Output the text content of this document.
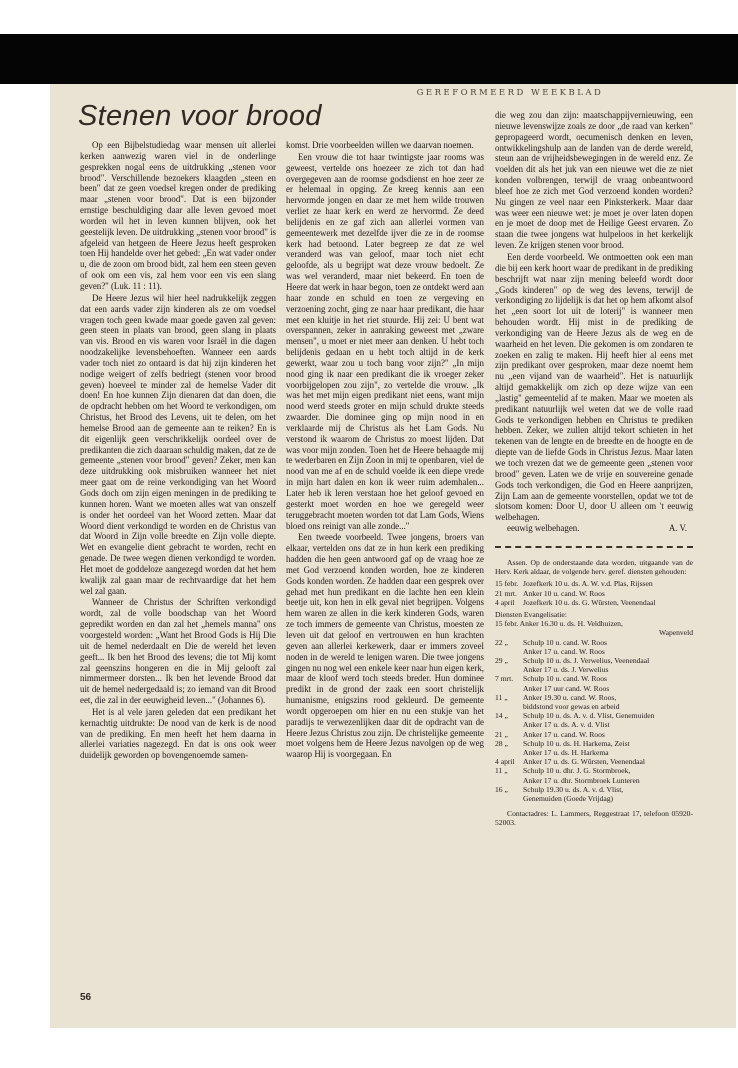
GEREFORMEERD WEEKBLAD
Stenen voor brood

Op een Bijbelstudiedag waar mensen uit allerlei kerken aanwezig waren viel in de onderlinge gesprekken nogal eens de uitdrukking „stenen voor brood". Verschillende bezoekers klaagden „steen en been" dat ze geen voedsel kregen onder de prediking maar „stenen voor brood". Dat is een bijzonder ernstige beschuldiging daar alle leven gevoed moet worden wil het in leven kunnen blijven, ook het geestelijk leven. De uitdrukking „stenen voor brood" is afgeleid van hetgeen de Heere Jezus heeft gesproken toen Hij handelde over het gebed: „En wat vader onder u, die de zoon om brood bidt, zal hem een steen geven of ook om een vis, zal hem voor een vis een slang geven?" (Luk. 11 : 11).

De Heere Jezus wil hier heel nadrukkelijk zeggen dat een aards vader zijn kinderen als ze om voedsel vragen toch geen kwade maar goede gaven zal geven: geen steen in plaats van brood, geen slang in plaats van vis. Brood en vis waren voor Israël in die dagen noodzakelijke levensbehoeften. Wanneer een aards vader toch niet zo ontaard is dat hij zijn kinderen het nodige weigert of zelfs bedriegt (stenen voor brood geven) hoeveel te minder zal de hemelse Vader dit doen! En hoe kunnen Zijn dienaren dat dan doen, die de opdracht hebben om het Woord te verkondigen, om Christus, het Brood des Levens, uit te delen, om het hemelse Brood aan de gemeente aan te reiken? En is dit eigenlijk geen verschrikkelijk oordeel over de predikanten die zich daaraan schuldig maken, dat ze de gemeente „stenen voor brood" geven? Zeker, men kan deze uitdrukking ook misbruiken wanneer het niet meer gaat om de reine verkondiging van het Woord Gods doch om zijn eigen meningen in de prediking te kunnen horen. Want we moeten alles wat van onszelf is onder het oordeel van het Woord zetten. Maar dat Woord dient verkondigd te worden en de Christus van dat Woord in Zijn volle breedte en Zijn volle diepte. Wet en evangelie dient gebracht te worden, recht en genade. De twee wegen dienen verkondigd te worden. Het moet de goddeloze aangezegd worden dat het hem kwalijk zal gaan maar de rechtvaardige dat het hem wel zal gaan.

Wanneer de Christus der Schriften verkondigd wordt, zal de volle boodschap van het Woord gepredikt worden en dan zal het „hemels manna" ons voorgesteld worden: „Want het Brood Gods is Hij Die uit de hemel nederdaalt en Die de wereld het leven geeft... Ik ben het Brood des levens; die tot Mij komt zal geenszins hongeren en die in Mij gelooft zal nimmermeer dorsten... Ik ben het levende Brood dat uit de hemel nedergedaald is; zo iemand van dit Brood eet, die zal in der eeuwigheid leven..." (Johannes 6).

Het is al vele jaren geleden dat een predikant het kernachtig uitdrukte: De nood van de kerk is de nood van de prediking. En men heeft het hem daarna in allerlei variaties nagezegd. En dat is ons ook weer duidelijk geworden op bovengenoemde samen-

komst. Drie voorbeelden willen we daarvan noemen.

Een vrouw die tot haar twintigste jaar rooms was geweest, vertelde ons hoezeer ze zich tot dan had overgegeven aan de roomse godsdienst en hoe zeer ze er helemaal in opging. Ze kreeg kennis aan een hervormde jongen en daar ze met hem wilde trouwen verliet ze haar kerk en werd ze hervormd. Ze deed belijdenis en ze gaf zich aan allerlei vormen van gemeentewerk met dezelfde ijver die ze in de roomse kerk had betoond. Later begreep ze dat ze wel veranderd was van geloof, maar toch niet echt geloofde, als u begrijpt wat deze vrouw bedoelt. Ze was wel veranderd, maar niet bekeerd. En toen de Heere dat werk in haar begon, toen ze ontdekt werd aan haar zonde en schuld en toen ze vergeving en verzoening zocht, ging ze naar haar predikant, die haar met een kluitje in het riet stuurde. Hij zei: U bent wat overspannen, zeker in aanraking geweest met „zware mensen", u moet er niet meer aan denken. U hebt toch belijdenis gedaan en u hebt toch altijd in de kerk gewerkt, waar zou u toch bang voor zijn?" „In mijn nood ging ik naar een predikant die ik vroeger zeker voorbijgelopen zou zijn", zo vertelde die vrouw. „Ik was het met mijn eigen predikant niet eens, want mijn nood werd steeds groter en mijn schuld drukte steeds zwaarder. Die dominee ging op mijn nood in en verklaarde mij de Christus als het Lam Gods. Nu verstond ik waarom de Christus zo moest lijden. Dat was voor mijn zonden. Toen het de Heere behaagde mij te wederbaren en Zijn Zoon in mij te openbaren, viel de nood van me af en de schuld voelde ik een diepe vrede in mijn hart dalen en kon ik weer ruim ademhalen... Later heb ik leren verstaan hoe het geloof gevoed en gesterkt moet worden en hoe we geregeld weer teruggebracht moeten worden tot dat Lam Gods, Wiens bloed ons reinigt van alle zonde..."

Een tweede voorbeeld. Twee jongens, broers van elkaar, vertelden ons dat ze in hun kerk een prediking hadden die hen geen antwoord gaf op de vraag hoe ze met God verzoend konden worden, hoe ze kinderen Gods konden worden. Ze hadden daar een gesprek over gehad met hun predikant en die lachte hen een klein beetje uit, kon hen in elk geval niet begrijpen. Volgens hem waren ze allen in die kerk kinderen Gods, waren ze toch immers de gemeente van Christus, moesten ze leven uit dat geloof en vertrouwen en hun krachten geven aan allerlei kerkewerk, daar er immers zoveel noden in de wereld te lenigen waren. Die twee jongens gingen nu nog wel een enkele keer naar hun eigen kerk, maar de kloof werd toch steeds breder. Hun dominee predikt in de grond der zaak een soort christelijk humanisme, enigszins rood gekleurd. De gemeente wordt opgeroepen om hier en nu een stukje van het paradijs te verwezenlijken daar dit de opdracht van de Heere Jezus Christus zou zijn. De christelijke gemeente moet volgens hem de Heere Jezus navolgen op de weg waarop Hij is voorgegaan. En

die weg zou dan zijn: maatschappijvernieuwing, een nieuwe levenswijze zoals ze door „de raad van kerken" gepropageerd wordt, oecumenisch denken en leven, ontwikkelingshulp aan de landen van de derde wereld, steun aan de vrijheidsbewegingen in de wereld enz. Ze voelden dit als het juk van een nieuwe wet die ze niet konden volbrengen, terwijl de vraag onbeantwoord bleef hoe ze zich met God verzoend konden worden? Nu gingen ze veel naar een Pinksterkerk. Maar daar was weer een nieuwe wet: je moet je over laten dopen en je moet de doop met de Heilige Geest ervaren. Zo staan die twee jongens wat hulpeloos in het kerkelijk leven. Ze krijgen stenen voor brood.

Een derde voorbeeld. We ontmoetten ook een man die bij een kerk hoort waar de predikant in de prediking beschrijft wat naar zijn mening beleefd wordt door „Gods kinderen" op de weg des levens, terwijl de verkondiging zo lijdelijk is dat het op hem afkomt alsof het „een soort lot uit de loterij" is wanneer men behouden wordt. Hij mist in de prediking de verkondiging van de Heere Jezus als de weg en de waarheid en het leven. Die gekomen is om zondaren te zoeken en zalig te maken. Hij heeft hier al eens met zijn predikant over gesproken, maar deze noemt hem nu „een vijand van de waarheid". Het is natuurlijk altijd gemakkelijk om zich op deze wijze van een „lastig" gemeentelid af te maken. Maar we moeten als predikant natuurlijk wel weten dat we de volle raad Gods te verkondigen hebben en Christus te prediken hebben. Zeker, we zullen altijd tekort schieten in het tekenen van de lengte en de breedte en de hoogte en de diepte van de liefde Gods in Christus Jezus. Maar laten we toch vrezen dat we de gemeente geen „stenen voor brood" geven. Laten we de vrije en souvereine genade Gods toch verkondigen, die God en Heere aanprijzen, Zijn Lam aan de gemeente voorstellen, opdat we tot de slotsom komen: Door U, door U alleen om 't eeuwig welbehagen.

eeuwig welbehagen.	A. V.
Assen. Op de onderstaande data worden, uitgaande van de Herv. Kerk aldaar, de volgende herv. geref. diensten gehouden:
15 febr. Jozefkerk 10 u. ds. A. W. v.d. Plas, Rijssen
21 mrt. Anker 10 u. cand. W. Roos
4 april	Jozefkerk 10 u. ds. G. Wûrsten, Veenendaal
Diensten Evangelisatie:
15 febr. Anker 16.30 u. ds. H. Veldhuizen,
Wapenveld
22 „	Schulp 10 u. cand. W. Roos
Anker 17 u. cand. W. Roos
29 „	Schulp 10 u. ds. J. Verwelius, Veenendaal
Anker 17 u. ds. J. Verwelius
7 mrt.	Schulp 10 u. cand. W. Roos
Anker 17 uur cand. W. Roos
11 „	Anker 19.30 u. cand. W. Roos,
biddstond voor gewas en arbeid
14 „	Schulp 10 u. ds. A. v. d. Vlist, Genemuiden
Anker 17 u. ds. A. v. d. Vlist
21 „	Anker 17 u. cand. W. Roos
28 „	Schulp 10 u. ds. H. Harkema, Zeist
Anker 17 u. ds. H. Harkema
4 april	Anker 17 u. ds. G. Wûrsten, Veenendaal
11 „	Schulp 10 u. dhr. J. G. Stormbroek,
Anker 17 u. dhr. Stormbroek Lunteren
16 „	Schulp 19.30 u. ds. A. v. d. Vlist,
Genemuiden (Goede Vrijdag)
Contactadres: L. Lammers, Reggestraat 17, telefoon 05920-52003.
56
